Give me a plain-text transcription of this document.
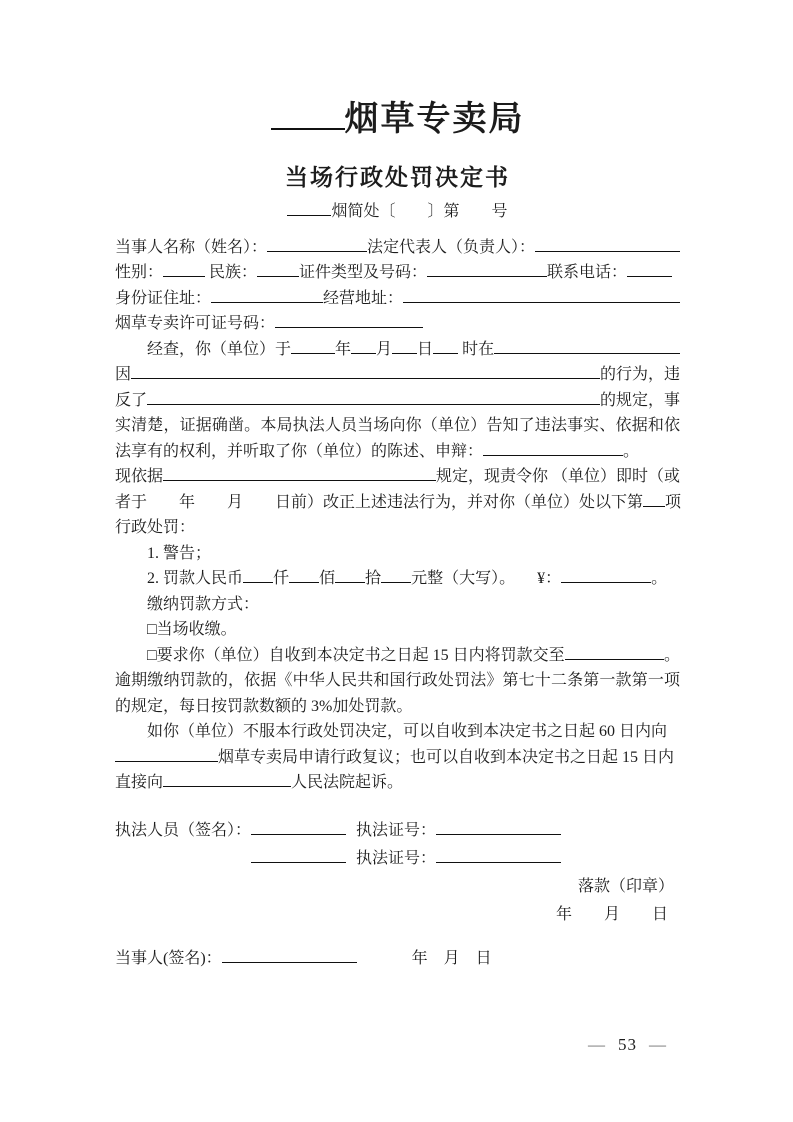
烟草专卖局
当场行政处罚决定书
烟简处〔　　〕第　　号
当事人名称（姓名）：	法定代表人（负责人）：
性别：	民族：	证件类型及号码：	联系电话：
身份证住址：	经营地址：
烟草专卖许可证号码：
经查，你（单位）于	年 月 日 时在
因	的行为，违
反了	的规定，事
实清楚，证据确凿。本局执法人员当场向你（单位）告知了违法事实、依据和依
法享有的权利，并听取了你（单位）的陈述、申辩：	。
现依据	规定，现责令你 （单位）即时（或
者于　　年　　月　　日前）改正上述违法行为，并对你（单位）处以下第 项
行政处罚：
1. 警告；
2. 罚款人民币 仟 佰 拾 元整（大写）。 ¥：	。
缴纳罚款方式：
□当场收缴。
□要求你（单位）自收到本决定书之日起 15 日内将罚款交至	。
逾期缴纳罚款的，依据《中华人民共和国行政处罚法》第七十二条第一款第一项
的规定，每日按罚款数额的 3%加处罚款。
如你（单位）不服本行政处罚决定，可以自收到本决定书之日起 60 日内向
烟草专卖局申请行政复议；也可以自收到本决定书之日起 15 日内
直接向	人民法院起诉。
执法人员（签名）：	执法证号：
执法证号：
落款（印章）
年　　月　　日
当事人(签名)：	年　月　日
— 53 —
